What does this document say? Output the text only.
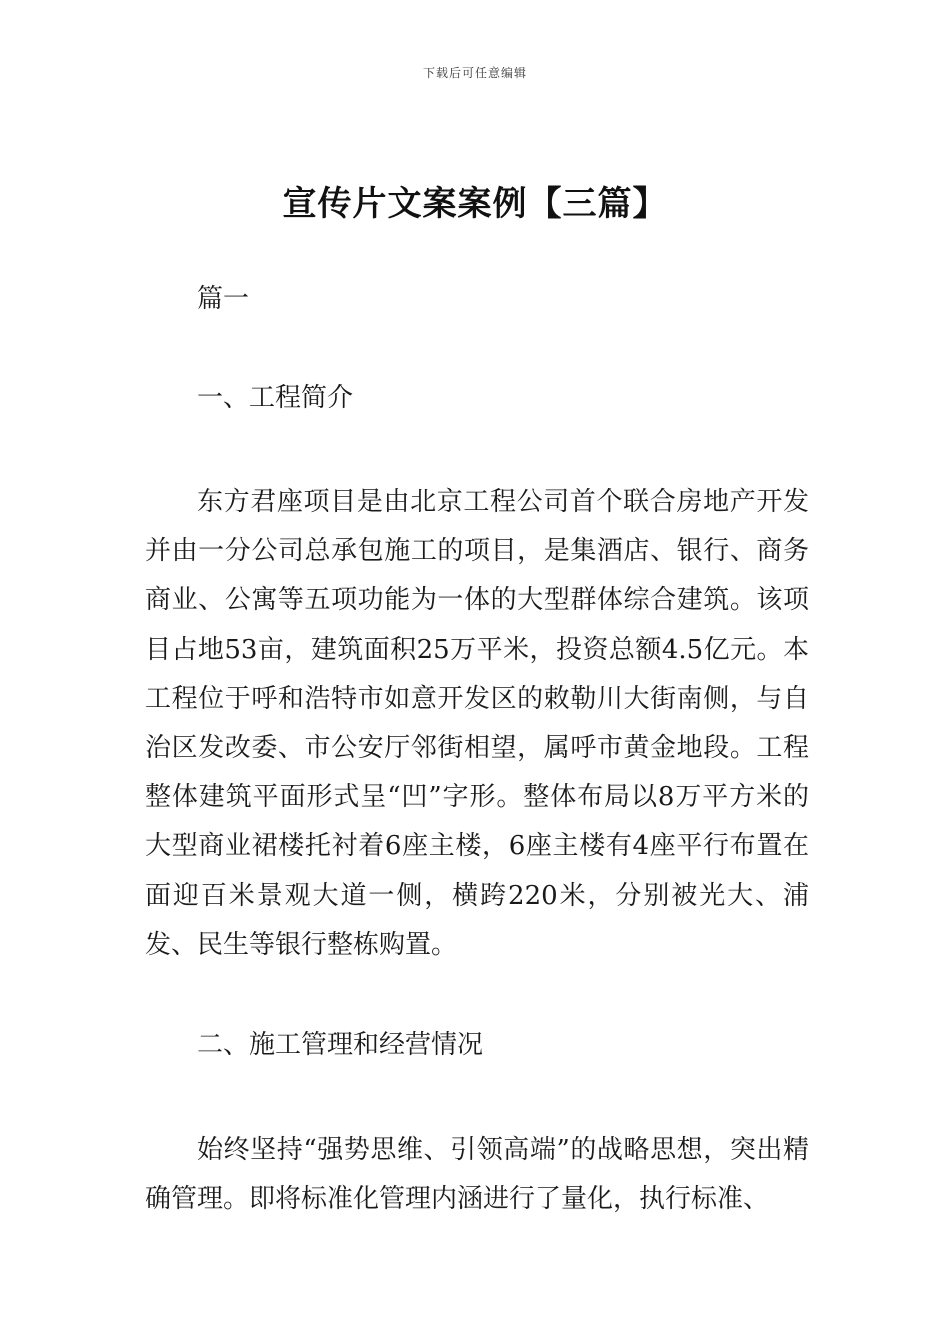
下载后可任意编辑
宣传片文案案例【三篇】
篇一
一、工程简介

东方君座项目是由北京工程公司首个联合房地产开发并由一分公司总承包施工的项目，是集酒店、银行、商务商业、公寓等五项功能为一体的大型群体综合建筑。该项目占地53亩，建筑面积25万平米，投资总额4.5亿元。本工程位于呼和浩特市如意开发区的敕勒川大街南侧，与自治区发改委、市公安厅邻街相望，属呼市黄金地段。工程整体建筑平面形式呈“凹”字形。整体布局以8万平方米的大型商业裙楼托衬着6座主楼，6座主楼有4座平行布置在面迎百米景观大道一侧，横跨220米，分别被光大、浦发、民生等银行整栋购置。

二、施工管理和经营情况

始终坚持“强势思维、引领高端”的战略思想，突出精确管理。即将标准化管理内涵进行了量化，执行标准、
